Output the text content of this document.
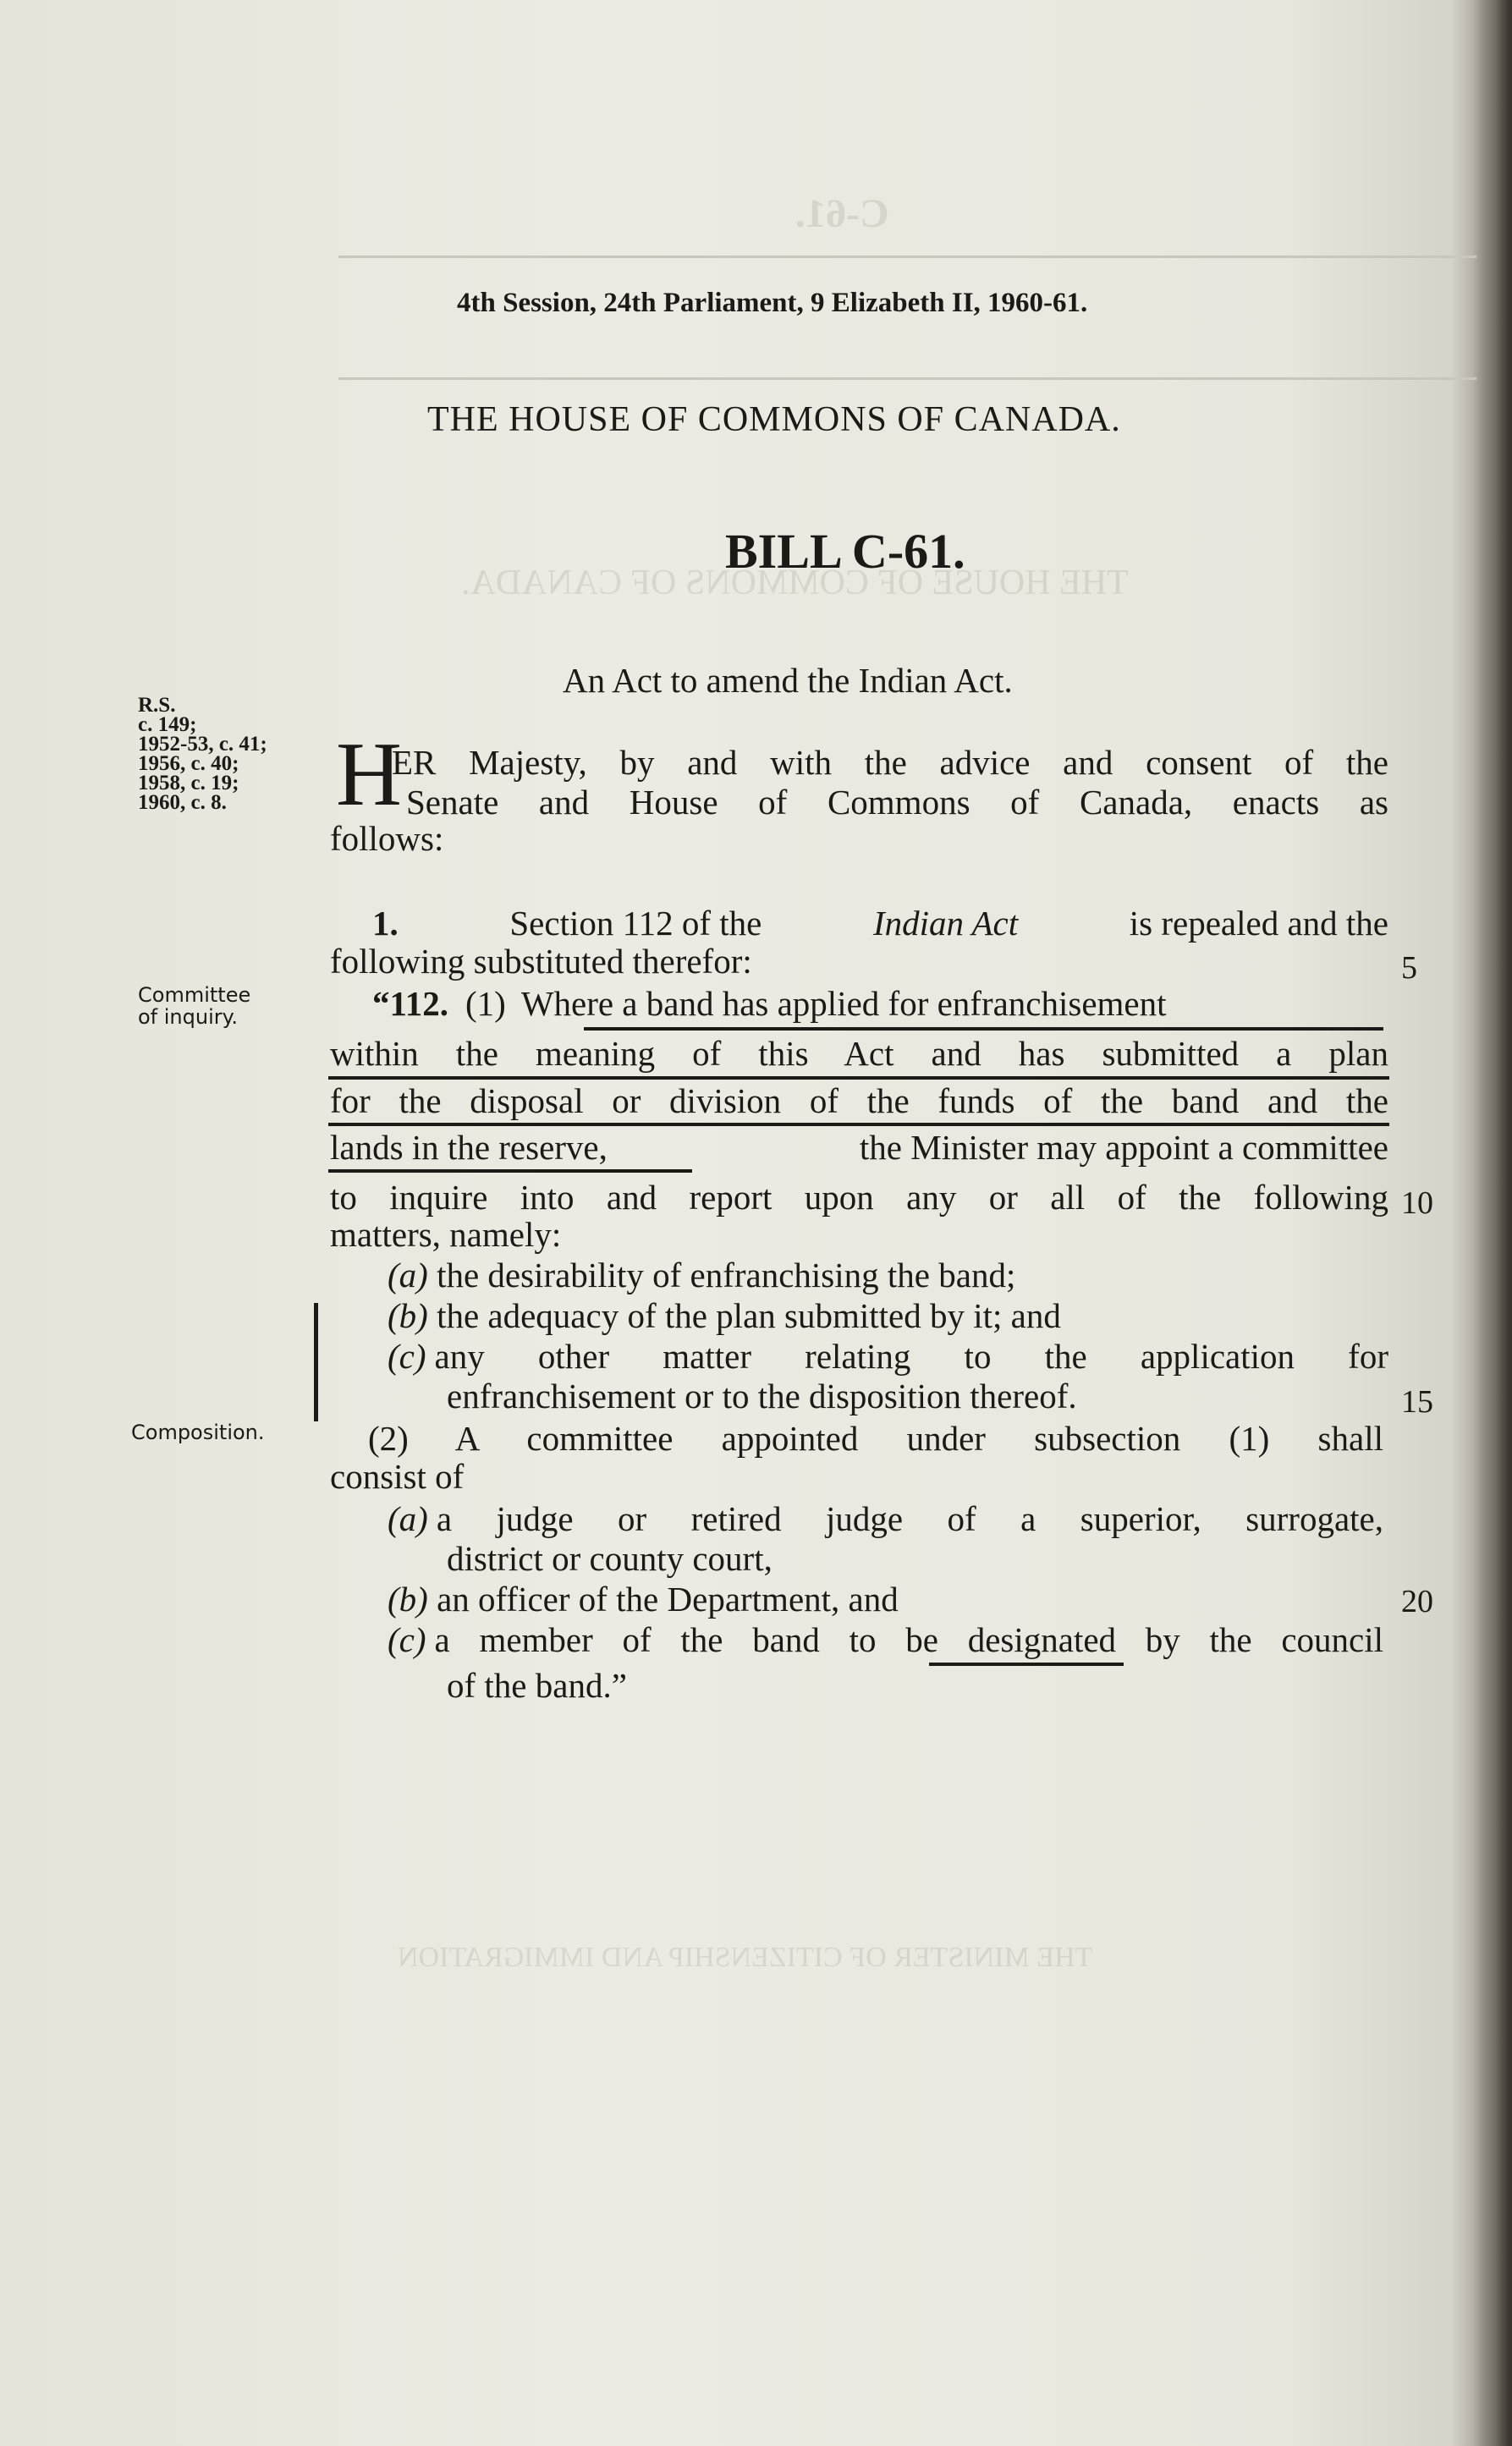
C-61.
THE HOUSE OF COMMONS OF CANADA.
THE MINISTER OF CITIZENSHIP AND IMMIGRATION
4th Session, 24th Parliament, 9 Elizabeth II, 1960-61.
THE HOUSE OF COMMONS OF CANADA.
BILL C-61.
An Act to amend the Indian Act.
R.S.
c. 149;
1952-53, c. 41;
1956, c. 40;
1958, c. 19;
1960, c. 8.
Committee
of inquiry.
Composition.
H
ER Majesty, by and with the advice and consent of the
Senate and House of Commons of Canada, enacts as
follows:
1.	Section 112 of the	Indian Act	is repealed and the
following substituted therefor:	5
“112. (1) Where a band has applied for enfranchisement
within the meaning of this Act and has submitted a plan
for the disposal or division of the funds of the band and the
lands in the reserve,	the Minister may appoint a committee
to inquire into and report upon any or all of the following 10
matters, namely:
(a) the desirability of enfranchising the band;
(b) the adequacy of the plan submitted by it; and
(c) any other matter relating to the application for
enfranchisement or to the disposition thereof.	15
(2) A committee appointed under subsection (1) shall
consist of
(a) a judge or retired judge of a superior, surrogate,
district or county court,
(b) an officer of the Department, and	20
(c) a member of the band to be designated by the council
of the band.”
